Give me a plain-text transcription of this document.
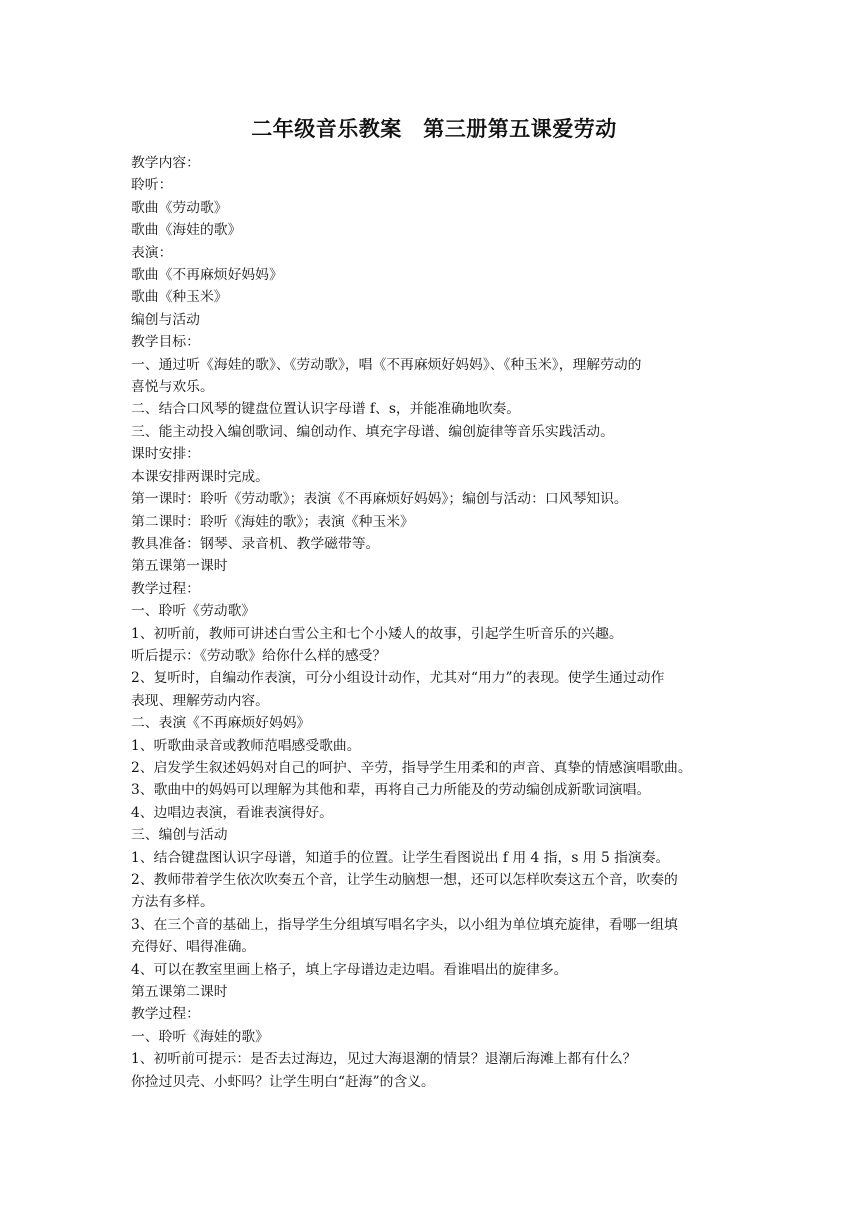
二年级音乐教案　第三册第五课爱劳动
教学内容：
聆听：
歌曲《劳动歌》
歌曲《海娃的歌》
表演：
歌曲《不再麻烦好妈妈》
歌曲《种玉米》
编创与活动
教学目标：
一、通过听《海娃的歌》、《劳动歌》，唱《不再麻烦好妈妈》、《种玉米》，理解劳动的
喜悦与欢乐。
二、结合口风琴的键盘位置认识字母谱 f、s，并能准确地吹奏。
三、能主动投入编创歌词、编创动作、填充字母谱、编创旋律等音乐实践活动。
课时安排：
本课安排两课时完成。
第一课时：聆听《劳动歌》；表演《不再麻烦好妈妈》；编创与活动：口风琴知识。
第二课时：聆听《海娃的歌》；表演《种玉米》
教具准备：钢琴、录音机、教学磁带等。
第五课第一课时
教学过程：
一、聆听《劳动歌》
1、初听前，教师可讲述白雪公主和七个小矮人的故事，引起学生听音乐的兴趣。
听后提示：《劳动歌》给你什么样的感受？
2、复听时，自编动作表演，可分小组设计动作，尤其对“用力”的表现。使学生通过动作
表现、理解劳动内容。
二、表演《不再麻烦好妈妈》
1、听歌曲录音或教师范唱感受歌曲。
2、启发学生叙述妈妈对自己的呵护、辛劳，指导学生用柔和的声音、真挚的情感演唱歌曲。
3、歌曲中的妈妈可以理解为其他和辈，再将自己力所能及的劳动编创成新歌词演唱。
4、边唱边表演，看谁表演得好。
三、编创与活动
1、结合键盘图认识字母谱，知道手的位置。让学生看图说出 f 用 4 指，s 用 5 指演奏。
2、教师带着学生依次吹奏五个音，让学生动脑想一想，还可以怎样吹奏这五个音，吹奏的
方法有多样。
3、在三个音的基础上，指导学生分组填写唱名字头，以小组为单位填充旋律，看哪一组填
充得好、唱得准确。
4、可以在教室里画上格子，填上字母谱边走边唱。看谁唱出的旋律多。
第五课第二课时
教学过程：
一、聆听《海娃的歌》
1、初听前可提示：是否去过海边，见过大海退潮的情景？退潮后海滩上都有什么？
你捡过贝壳、小虾吗？让学生明白“赶海”的含义。
